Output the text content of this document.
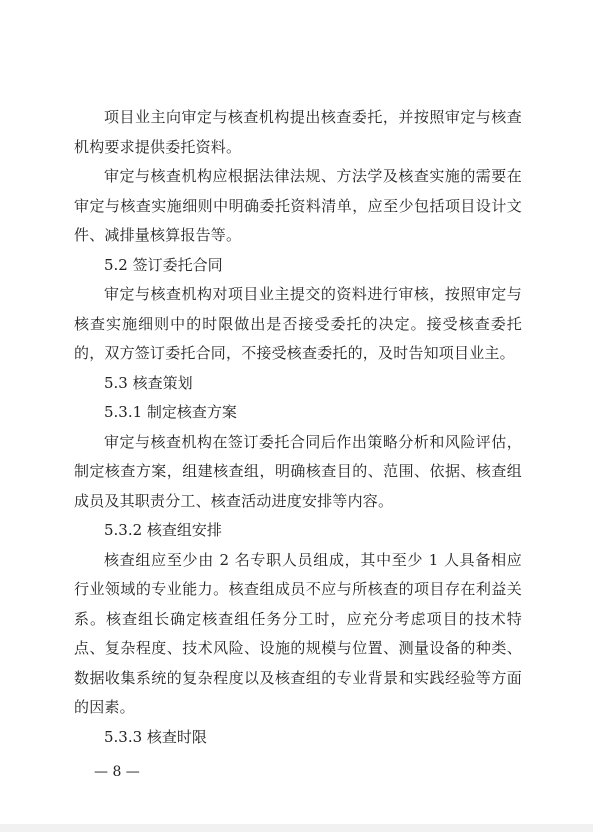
项目业主向审定与核查机构提出核查委托，并按照审定与核查机构要求提供委托资料。

审定与核查机构应根据法律法规、方法学及核查实施的需要在审定与核查实施细则中明确委托资料清单，应至少包括项目设计文件、减排量核算报告等。

5.2 签订委托合同

审定与核查机构对项目业主提交的资料进行审核，按照审定与核查实施细则中的时限做出是否接受委托的决定。接受核查委托的，双方签订委托合同，不接受核查委托的，及时告知项目业主。

5.3 核查策划

5.3.1 制定核查方案

审定与核查机构在签订委托合同后作出策略分析和风险评估，制定核查方案，组建核查组，明确核查目的、范围、依据、核查组成员及其职责分工、核查活动进度安排等内容。

5.3.2 核查组安排

核查组应至少由 2 名专职人员组成，其中至少 1 人具备相应行业领域的专业能力。核查组成员不应与所核查的项目存在利益关系。核查组长确定核查组任务分工时，应充分考虑项目的技术特点、复杂程度、技术风险、设施的规模与位置、测量设备的种类、数据收集系统的复杂程度以及核查组的专业背景和实践经验等方面的因素。

5.3.3 核查时限

— 8 —
